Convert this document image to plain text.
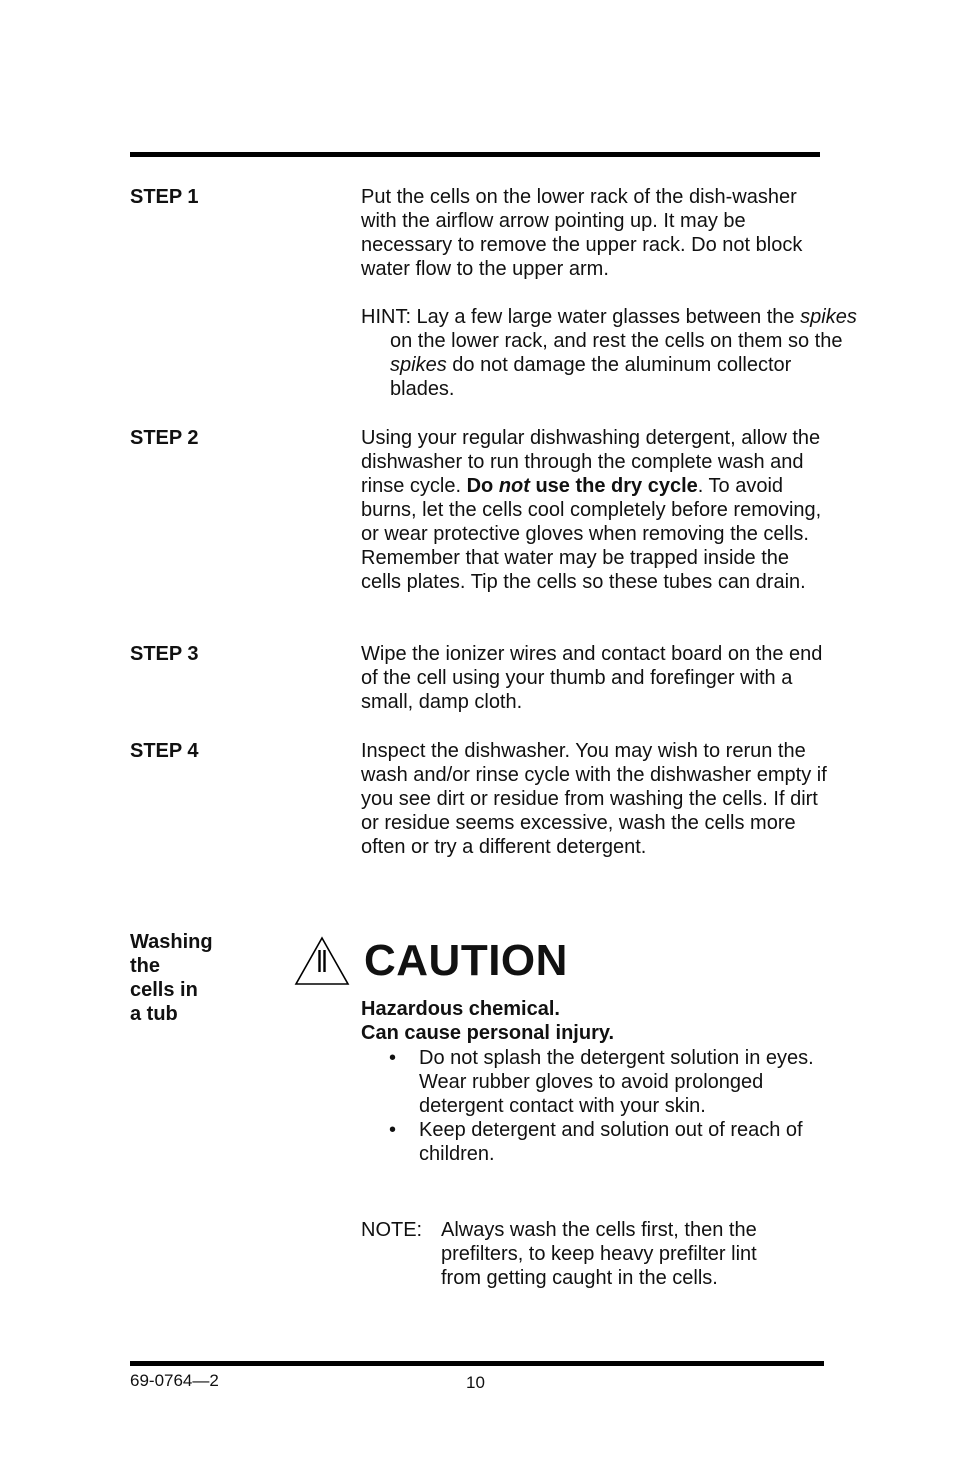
STEP 1	Put the cells on the lower rack of the dish-washer with the airflow arrow pointing up. It may be necessary to remove the upper rack. Do not block water flow to the upper arm.
HINT: Lay a few large water glasses between the spikes on the lower rack, and rest the cells on them so the spikes do not damage the aluminum collector blades.
STEP 2	Using your regular dishwashing detergent, allow the dishwasher to run through the complete wash and rinse cycle. Do not use the dry cycle. To avoid burns, let the cells cool completely before removing, or wear protective gloves when removing the cells. Remember that water may be trapped inside the cells plates. Tip the cells so these tubes can drain.
STEP 3	Wipe the ionizer wires and contact board on the end of the cell using your thumb and forefinger with a small, damp cloth.
STEP 4	Inspect the dishwasher. You may wish to rerun the wash and/or rinse cycle with the dishwasher empty if you see dirt or residue from washing the cells. If dirt or residue seems excessive, wash the cells more often or try a different detergent.
Washing
the
cells in
a tub
CAUTION
Hazardous chemical.
Can cause personal injury.
• Do not splash the detergent solution in eyes. Wear rubber gloves to avoid prolonged detergent contact with your skin.
• Keep detergent and solution out of reach of children.
NOTE: Always wash the cells first, then the prefilters, to keep heavy prefilter lint from getting caught in the cells.
69-0764—2	10
